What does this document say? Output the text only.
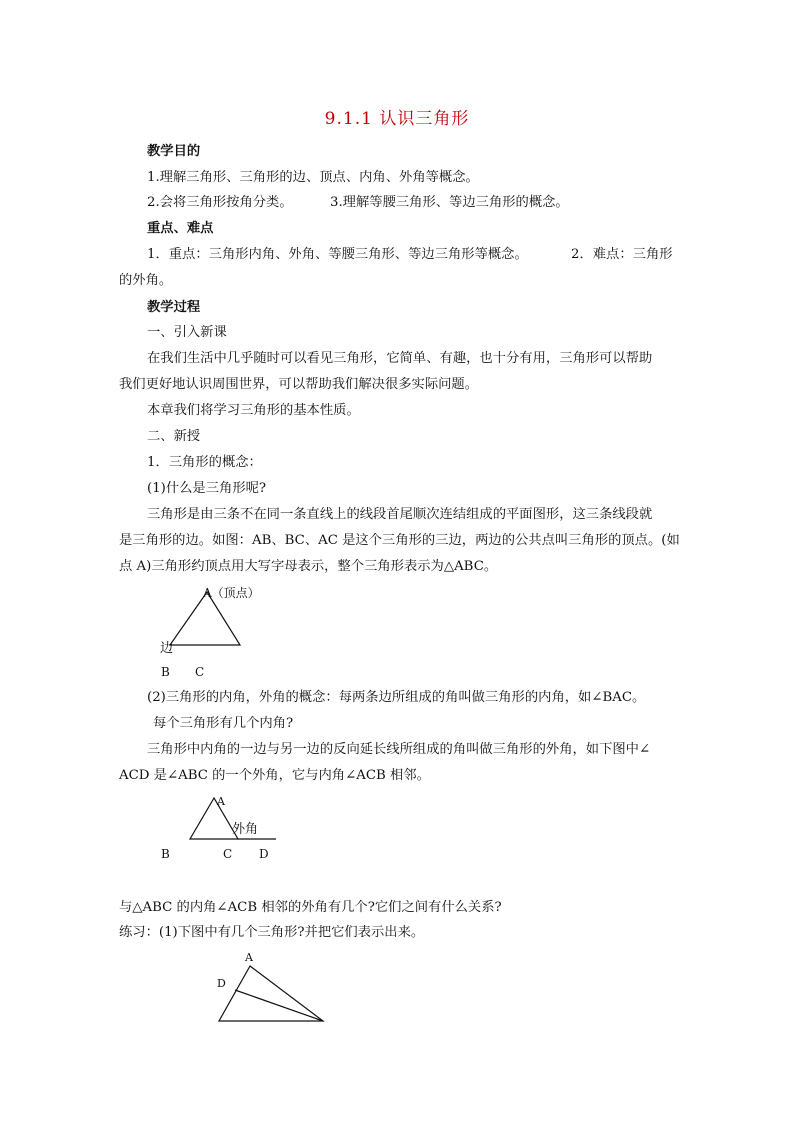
9.1.1 认识三角形
教学目的
1.理解三角形、三角形的边、顶点、内角、外角等概念。
2.会将三角形按角分类。	3.理解等腰三角形、等边三角形的概念。
重点、难点
1．重点：三角形内角、外角、等腰三角形、等边三角形等概念。	2．难点：三角形
的外角。
教学过程
一、引入新课
在我们生活中几乎随时可以看见三角形，它简单、有趣，也十分有用，三角形可以帮助
我们更好地认识周围世界，可以帮助我们解决很多实际问题。
本章我们将学习三角形的基本性质。
二、新授
1．三角形的概念：
(1)什么是三角形呢?
三角形是由三条不在同一条直线上的线段首尾顺次连结组成的平面图形，这三条线段就
是三角形的边。如图：AB、BC、AC 是这个三角形的三边，两边的公共点叫三角形的顶点。(如
点 A)三角形约顶点用大写字母表示，整个三角形表示为△ABC。
A（顶点）
边
B C
(2)三角形的内角，外角的概念：每两条边所组成的角叫做三角形的内角，如∠BAC。
每个三角形有几个内角?
三角形中内角的一边与另一边的反向延长线所组成的角叫做三角形的外角，如下图中∠
ACD 是∠ABC 的一个外角，它与内角∠ACB 相邻。
A
外角
B	C D
与△ABC 的内角∠ACB 相邻的外角有几个?它们之间有什么关系?
练习：(1)下图中有几个三角形?并把它们表示出来。
A
D
